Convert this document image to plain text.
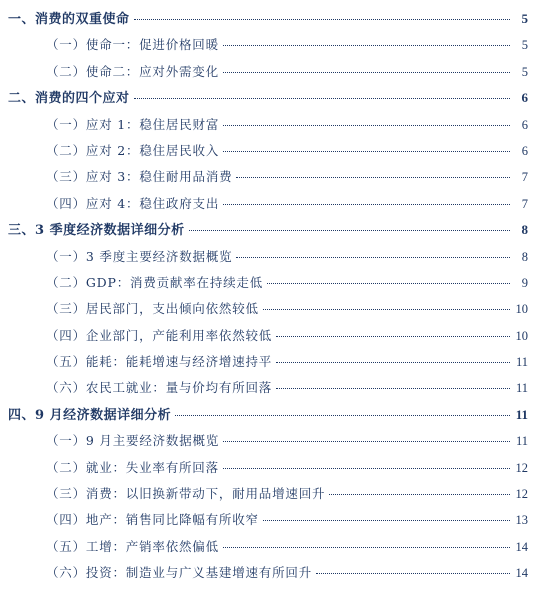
一、消费的双重使命	5
（一）使命一：促进价格回暖	5
（二）使命二：应对外需变化	5
二、消费的四个应对	6
（一）应对 1：稳住居民财富	6
（二）应对 2：稳住居民收入	6
（三）应对 3：稳住耐用品消费	7
（四）应对 4：稳住政府支出	7
三、3 季度经济数据详细分析	8
（一）3 季度主要经济数据概览	8
（二）GDP：消费贡献率在持续走低	9
（三）居民部门，支出倾向依然较低	10
（四）企业部门，产能利用率依然较低	10
（五）能耗：能耗增速与经济增速持平	11
（六）农民工就业：量与价均有所回落	11
四、9 月经济数据详细分析	11
（一）9 月主要经济数据概览	11
（二）就业：失业率有所回落	12
（三）消费：以旧换新带动下，耐用品增速回升	12
（四）地产：销售同比降幅有所收窄	13
（五）工增：产销率依然偏低	14
（六）投资：制造业与广义基建增速有所回升	14
